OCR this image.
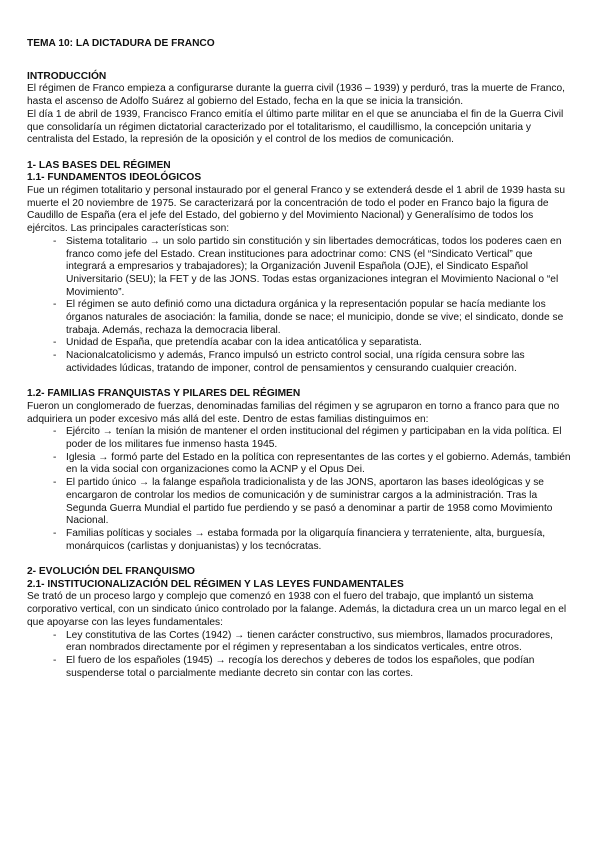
TEMA 10: LA DICTADURA DE FRANCO
INTRODUCCIÓN

El régimen de Franco empieza a configurarse durante la guerra civil (1936 – 1939) y perduró, tras la muerte de Franco, hasta el ascenso de Adolfo Suárez al gobierno del Estado, fecha en la que se inicia la transición.

El día 1 de abril de 1939, Francisco Franco emitía el último parte militar en el que se anunciaba el fin de la Guerra Civil que consolidaría un régimen dictatorial caracterizado por el totalitarismo, el caudillismo, la concepción unitaria y centralista del Estado, la represión de la oposición y el control de los medios de comunicación.

1- LAS BASES DEL RÉGIMEN
1.1- FUNDAMENTOS IDEOLÓGICOS

Fue un régimen totalitario y personal instaurado por el general Franco y se extenderá desde el 1 abril de 1939 hasta su muerte el 20 noviembre de 1975. Se caracterizará por la concentración de todo el poder en Franco bajo la figura de Caudillo de España (era el jefe del Estado, del gobierno y del Movimiento Nacional) y Generalísimo de todos los ejércitos. Las principales características son:

- Sistema totalitario → un solo partido sin constitución y sin libertades democráticas, todos los poderes caen en franco como jefe del Estado. Crean instituciones para adoctrinar como: CNS (el “Sindicato Vertical” que integrará a empresarios y trabajadores); la Organización Juvenil Española (OJE), el Sindicato Español Universitario (SEU); la FET y de las JONS. Todas estas organizaciones integran el Movimiento Nacional o “el Movimiento”.
- El régimen se auto definió como una dictadura orgánica y la representación popular se hacía mediante los órganos naturales de asociación: la familia, donde se nace; el municipio, donde se vive; el sindicato, donde se trabaja. Además, rechaza la democracia liberal.
- Unidad de España, que pretendía acabar con la idea anticatólica y separatista.
- Nacionalcatolicismo y además, Franco impulsó un estricto control social, una rígida censura sobre las actividades lúdicas, tratando de imponer, control de pensamientos y censurando cualquier creación.
1.2- FAMILIAS FRANQUISTAS Y PILARES DEL RÉGIMEN

Fueron un conglomerado de fuerzas, denominadas familias del régimen y se agruparon en torno a franco para que no adquiriera un poder excesivo más allá del este. Dentro de estas familias distinguimos en:

- Ejército → tenían la misión de mantener el orden institucional del régimen y participaban en la vida política. El poder de los militares fue inmenso hasta 1945.
- Iglesia → formó parte del Estado en la política con representantes de las cortes y el gobierno. Además, también en la vida social con organizaciones como la ACNP y el Opus Dei.
- El partido único → la falange española tradicionalista y de las JONS, aportaron las bases ideológicas y se encargaron de controlar los medios de comunicación y de suministrar cargos a la administración. Tras la Segunda Guerra Mundial el partido fue perdiendo y se pasó a denominar a partir de 1958 como Movimiento Nacional.
- Familias políticas y sociales → estaba formada por la oligarquía financiera y terrateniente, alta, burguesía, monárquicos (carlistas y donjuanistas) y los tecnócratas.
2- EVOLUCIÓN DEL FRANQUISMO
2.1- INSTITUCIONALIZACIÓN DEL RÉGIMEN Y LAS LEYES FUNDAMENTALES

Se trató de un proceso largo y complejo que comenzó en 1938 con el fuero del trabajo, que implantó un sistema corporativo vertical, con un sindicato único controlado por la falange. Además, la dictadura crea un un marco legal en el que apoyarse con las leyes fundamentales:

- Ley constitutiva de las Cortes (1942) → tienen carácter constructivo, sus miembros, llamados procuradores, eran nombrados directamente por el régimen y representaban a los sindicatos verticales, entre otros.
- El fuero de los españoles (1945) → recogía los derechos y deberes de todos los españoles, que podían suspenderse total o parcialmente mediante decreto sin contar con las cortes.
